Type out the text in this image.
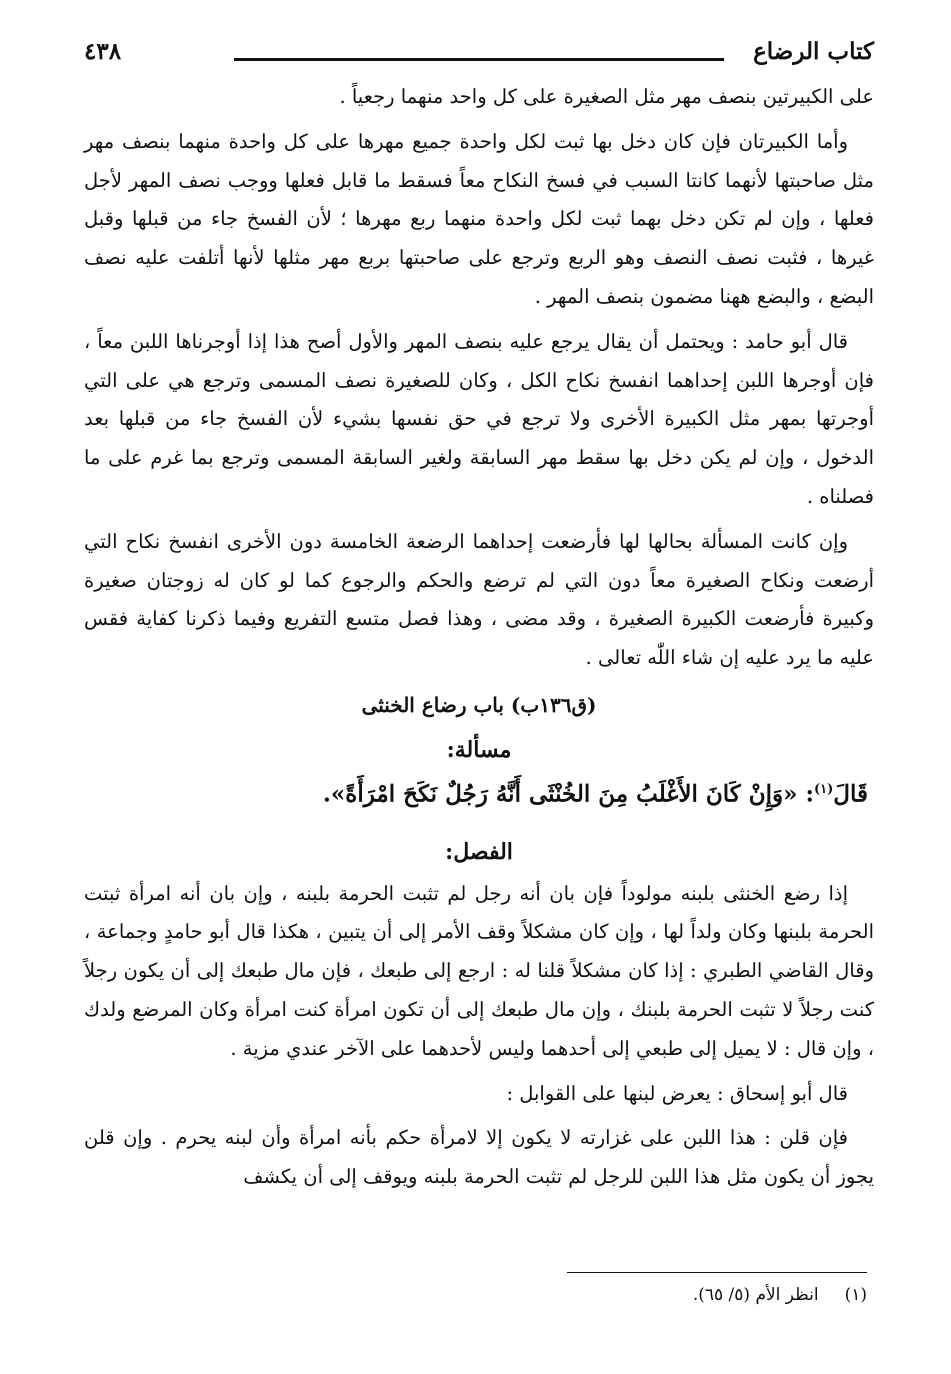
كتاب الرضاع
٤٣٨

على الكبيرتين بنصف مهر مثل الصغيرة على كل واحد منهما رجعياً .

وأما الكبيرتان فإن كان دخل بها ثبت لكل واحدة جميع مهرها على كل واحدة منهما بنصف مهر مثل صاحبتها لأنهما كانتا السبب في فسخ النكاح معاً فسقط ما قابل فعلها ووجب نصف المهر لأجل فعلها ، وإن لم تكن دخل بهما ثبت لكل واحدة منهما ربع مهرها ؛ لأن الفسخ جاء من قبلها وقبل غيرها ، فثبت نصف النصف وهو الربع وترجع على صاحبتها بربع مهر مثلها لأنها أتلفت عليه نصف البضع ، والبضع ههنا مضمون بنصف المهر .

قال أبو حامد : ويحتمل أن يقال يرجع عليه بنصف المهر والأول أصح هذا إذا أوجرناها اللبن معاً ، فإن أوجرها اللبن إحداهما انفسخ نكاح الكل ، وكان للصغيرة نصف المسمى وترجع هي على التي أوجرتها بمهر مثل الكبيرة الأخرى ولا ترجع في حق نفسها بشيء لأن الفسخ جاء من قبلها بعد الدخول ، وإن لم يكن دخل بها سقط مهر السابقة ولغير السابقة المسمى وترجع بما غرم على ما فصلناه .

وإن كانت المسألة بحالها لها فأرضعت إحداهما الرضعة الخامسة دون الأخرى انفسخ نكاح التي أرضعت ونكاح الصغيرة معاً دون التي لم ترضع والحكم والرجوع كما لو كان له زوجتان صغيرة وكبيرة فأرضعت الكبيرة الصغيرة ، وقد مضى ، وهذا فصل متسع التفريع وفيما ذكرنا كفاية فقس عليه ما يرد عليه إن شاء اللّٰه تعالى .

(ق١٣٦ب) باب رضاع الخنثى
مسألة:

قَالَ$^{(١)}$: «وَإِنْ كَانَ الأَغْلَبُ مِنَ الخُنْثَى أَنَّهُ رَجُلٌ نَكَحَ امْرَأَةً».

الفصل:

إذا رضع الخنثى بلبنه مولوداً فإن بان أنه رجل لم تثبت الحرمة بلبنه ، وإن بان أنه امرأة ثبتت الحرمة بلبنها وكان ولداً لها ، وإن كان مشكلاً وقف الأمر إلى أن يتبين ، هكذا قال أبو حامدٍ وجماعة ، وقال القاضي الطبري : إذا كان مشكلاً قلنا له : ارجع إلى طبعك ، فإن مال طبعك إلى أن يكون رجلاً كنت رجلاً لا تثبت الحرمة بلبنك ، وإن مال طبعك إلى أن تكون امرأة كنت امرأة وكان المرضع ولدك ، وإن قال : لا يميل إلى طبعي إلى أحدهما وليس لأحدهما على الآخر عندي مزية .

قال أبو إسحاق : يعرض لبنها على القوابل :

فإن قلن : هذا اللبن على غزارته لا يكون إلا لامرأة حكم بأنه امرأة وأن لبنه يحرم . وإن قلن يجوز أن يكون مثل هذا اللبن للرجل لم تثبت الحرمة بلبنه ويوقف إلى أن يكشف

(١)انظر الأم (٥/ ٦٥).
